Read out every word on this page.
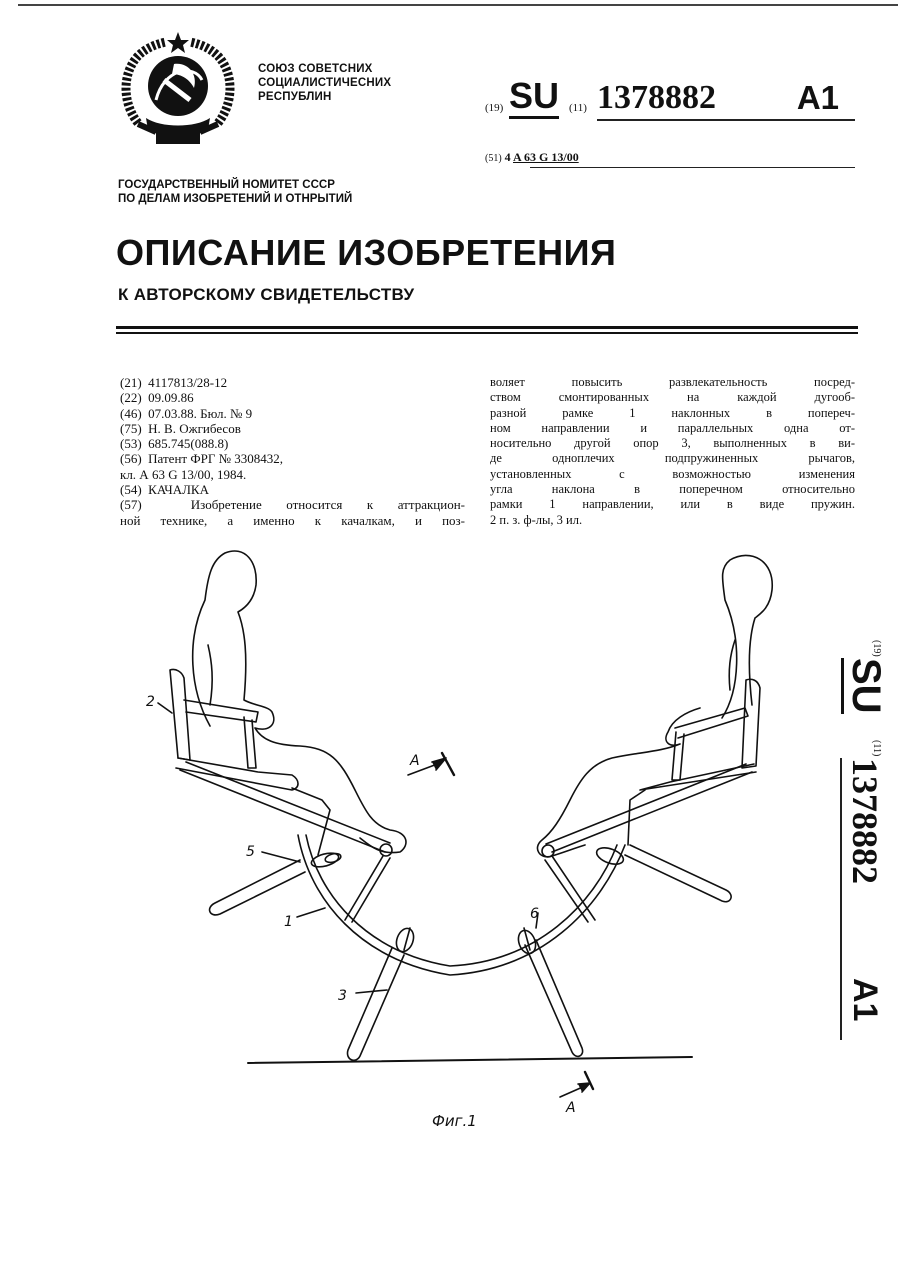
СОЮЗ СОВЕТСНИХ
СОЦИАЛИСТИЧЕСНИХ
РЕСПУБЛИН
(19) SU (11) 1378882 A1
(51) 4 A 63 G 13/00
ГОСУДАРСТВЕННЫЙ НОМИТЕТ СССР
ПО ДЕЛАМ ИЗОБРЕТЕНИЙ И ОТНРЫТИЙ
ОПИСАНИЕ ИЗОБРЕТЕНИЯ
К АВТОРСКОМУ СВИДЕТЕЛЬСТВУ
(21) 4117813/28-12
(22) 09.09.86
(46) 07.03.88. Бюл. № 9
(75) Н. В. Ожгибесов
(53) 685.745(088.8)
(56) Патент ФРГ № 3308432,
кл. А 63 G 13/00, 1984.
(54) КАЧАЛКА
(57)	Изобретение относится к аттракцион-
ной технике, а именно к качалкам, и поз-
воляет повысить развлекательность посред-
ством смонтированных на каждой дугооб-
разной рамке 1 наклонных в попереч-
ном направлении и параллельных одна от-
носительно другой опор 3, выполненных в ви-
де одноплечих подпружиненных рычагов,
установленных с возможностью изменения
угла наклона в поперечном относительно
рамки 1 направлении, или в виде пружин.
2 п. з. ф-лы, 3 ил.
(19)
SU
(11)
1378882
A1
2
5
1
3
6
A
A
Фиг.1
